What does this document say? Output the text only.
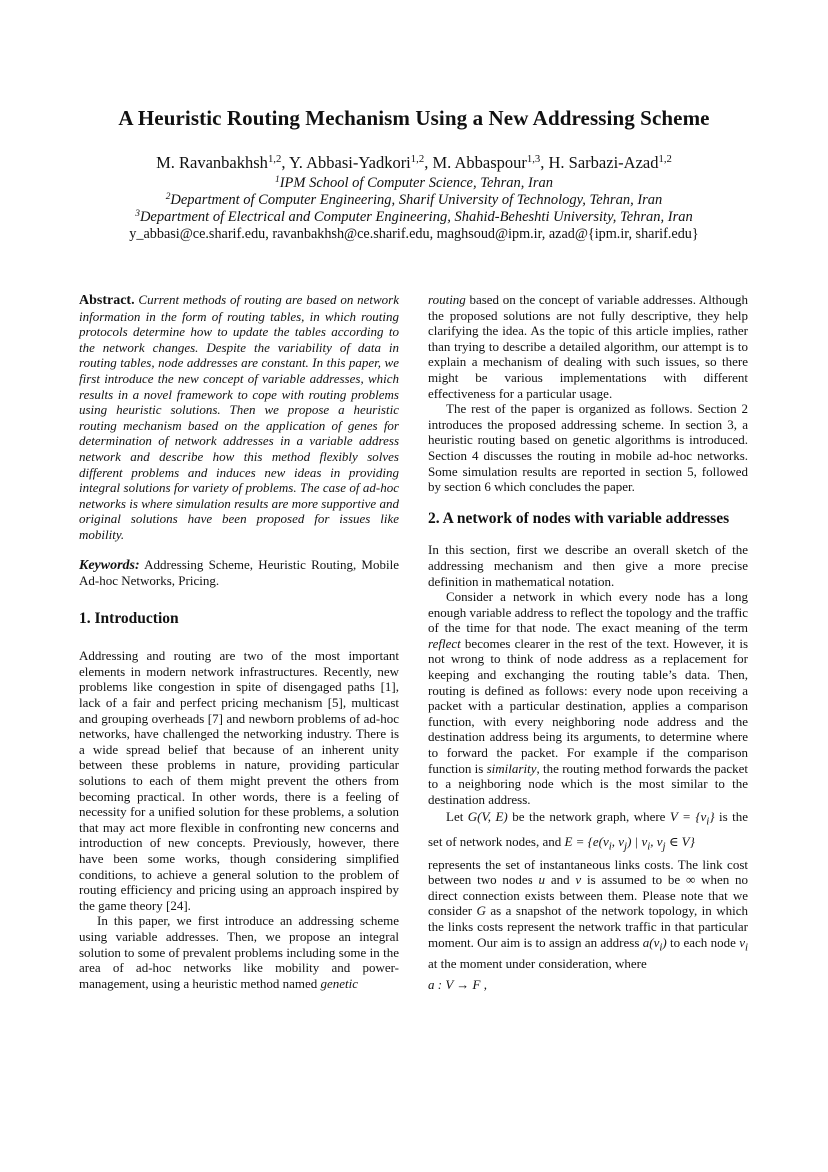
A Heuristic Routing Mechanism Using a New Addressing Scheme
M. Ravanbakhsh$^{1,2}$, Y. Abbasi-Yadkori$^{1,2}$, M. Abbaspour$^{1,3}$, H. Sarbazi-Azad$^{1,2}$
$^1$IPM School of Computer Science, Tehran, Iran
$^2$Department of Computer Engineering, Sharif University of Technology, Tehran, Iran
$^3$Department of Electrical and Computer Engineering, Shahid-Beheshti University, Tehran, Iran
y_abbasi@ce.sharif.edu, ravanbakhsh@ce.sharif.edu, maghsoud@ipm.ir, azad@{ipm.ir, sharif.edu}

Abstract. Current methods of routing are based on network information in the form of routing tables, in which routing protocols determine how to update the tables according to the network changes. Despite the variability of data in routing tables, node addresses are constant. In this paper, we first introduce the new concept of variable addresses, which results in a novel framework to cope with routing problems using heuristic solutions. Then we propose a heuristic routing mechanism based on the application of genes for determination of network addresses in a variable address network and describe how this method flexibly solves different problems and induces new ideas in providing integral solutions for variety of problems. The case of ad-hoc networks is where simulation results are more supportive and original solutions have been proposed for issues like mobility.

Keywords: Addressing Scheme, Heuristic Routing, Mobile Ad-hoc Networks, Pricing.

1. Introduction

Addressing and routing are two of the most important elements in modern network infrastructures. Recently, new problems like congestion in spite of disengaged paths [1], lack of a fair and perfect pricing mechanism [5], multicast and grouping overheads [7] and newborn problems of ad-hoc networks, have challenged the networking industry. There is a wide spread belief that because of an inherent unity between these problems in nature, providing particular solutions to each of them might prevent the others from becoming practical. In other words, there is a feeling of necessity for a unified solution for these problems, a solution that may act more flexible in confronting new concerns and introduction of new concepts. Previously, however, there have been some works, though considering simplified conditions, to achieve a general solution to the problem of routing efficiency and pricing using an approach inspired by the game theory [24].

In this paper, we first introduce an addressing scheme using variable addresses. Then, we propose an integral solution to some of prevalent problems including some in the area of ad-hoc networks like mobility and power-management, using a heuristic method named genetic

routing based on the concept of variable addresses. Although the proposed solutions are not fully descriptive, they help clarifying the idea. As the topic of this article implies, rather than trying to describe a detailed algorithm, our attempt is to explain a mechanism of dealing with such issues, so there might be various implementations with different effectiveness for a particular usage.

The rest of the paper is organized as follows. Section 2 introduces the proposed addressing scheme. In section 3, a heuristic routing based on genetic algorithms is introduced. Section 4 discusses the routing in mobile ad-hoc networks. Some simulation results are reported in section 5, followed by section 6 which concludes the paper.

2. A network of nodes with variable addresses

In this section, first we describe an overall sketch of the addressing mechanism and then give a more precise definition in mathematical notation.

Consider a network in which every node has a long enough variable address to reflect the topology and the traffic of the time for that node. The exact meaning of the term reflect becomes clearer in the rest of the text. However, it is not wrong to think of node address as a replacement for keeping and exchanging the routing table’s data. Then, routing is defined as follows: every node upon receiving a packet with a particular destination, applies a comparison function, with every neighboring node address and the destination address being its arguments, to determine where to forward the packet. For example if the comparison function is similarity, the routing method forwards the packet to a neighboring node which is the most similar to the destination address.

Let G(V, E) be the network graph, where $V = \{v_i\}$ is the set of network nodes, and $E = \{e(v_i$, $v_j$) | $v_i$, $v_j$ ∈ V}

represents the set of instantaneous links costs. The link cost between two nodes u and v is assumed to be ∞ when no direct connection exists between them. Please note that we consider G as a snapshot of the network topology, in which the links costs represent the network traffic in that particular moment. Our aim is to assign an address $a(v_i)$ to each node $v_i$ at the moment under consideration, where

a : V → F ,
